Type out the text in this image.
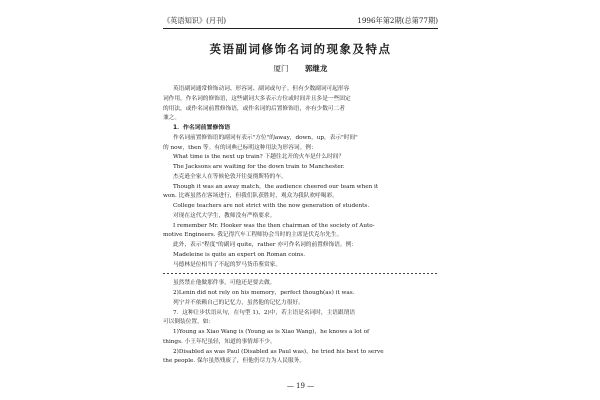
《英语知识》(月刊)	1996年第2期(总第77期)
英语副词修饰名词的现象及特点
厦门 郭继龙

英语副词通常修饰动词、形容词、副词或句子。但有少数副词可起形容

词作用，作名词的修饰语，这些副词大多表示方位或时间并且多是一些固定

的用法，或作名词前置修饰语，或作名词的后置修饰语，亦有少数可二者

兼之。

1．作名词前置修饰语

作名词前置修饰语的副词有表示"方位"的away，down，up，表示"时间"

的 now，then 等。有的词典已标明这种用法为形容词。例：

What time is the next up train? 下趟往北开的火车是什么时间？

The Jacksons are waiting for the down train to Manchester.

杰克逊全家人在等候伦敦开往曼彻斯特的车。

Though it was an away match，the audience cheered our team when it

won. 比赛虽然在客场进行，但我们队获胜时，观众为我队欢呼喝彩。

College teachers are not strict with the now generation of students.

对现在这代大学生，教师没有严格要求。

I remember Mr. Hooker was the then chairman of the society of Auto-

motive Engineers. 我记得汽车工程师协会当时的主席是伏克尔先生。

此外，表示"程度"的副词 quite，rather 亦可作名词的前置修饰语。例：

Madeleine is quite an expert on Roman coins.

马德林是位相当了不起的罗马货币鉴赏家。

虽然禁止他做那件事，可他还是要去做。

2)Lenin did not rely on his memory，perfect though(as) it was.

列宁并不依赖自己的记忆力，虽然他的记忆力很好。

7．这种让步状语从句，在句型 1)、2)中，若主语是名词时，主语跟谓语

可以倒装位置，如：

1)Young as Xiao Wang is (Young as is Xiao Wang)，he knows a lot of

things. 小王年纪虽轻，知道的事情却不少。

2)Disabled as was Paul (Disabled as Paul was)，he tried his best to serve

the people. 保尔虽然残废了，但他仍尽力为人民服务。

— 19 —
